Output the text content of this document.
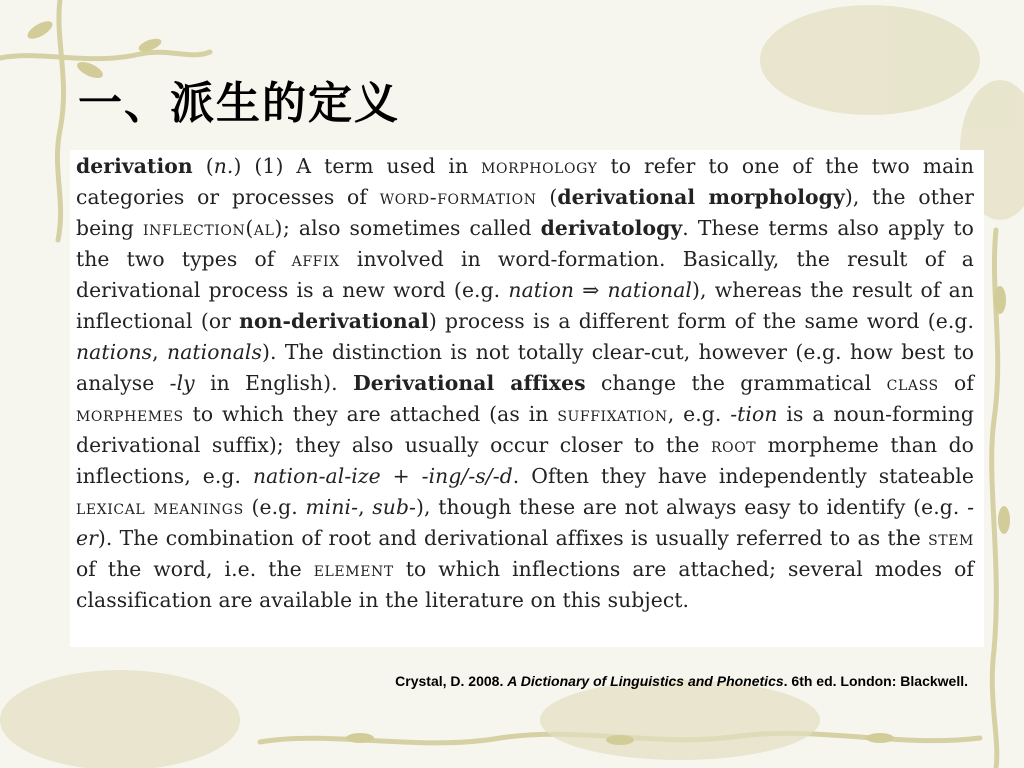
一、派生的定义
derivation (n.) (1) A term used in morphology to refer to one of the two main categories or processes of word-formation (derivational morphology), the other being inflection(al); also sometimes called derivatology. These terms also apply to the two types of affix involved in word-formation. Basically, the result of a derivational process is a new word (e.g. nation ⇒ national), whereas the result of an inflectional (or non-derivational) process is a different form of the same word (e.g. nations, nationals). The distinction is not totally clear-cut, however (e.g. how best to analyse -ly in English). Derivational affixes change the grammatical class of morphemes to which they are attached (as in suffixation, e.g. -tion is a noun-forming derivational suffix); they also usually occur closer to the root morpheme than do inflections, e.g. nation-al-ize + -ing/-s/-d. Often they have independently stateable lexical meanings (e.g. mini-, sub-), though these are not always easy to identify (e.g. -er). The combination of root and derivational affixes is usually referred to as the stem of the word, i.e. the element to which inflections are attached; several modes of classification are available in the literature on this subject.
Crystal, D. 2008. A Dictionary of Linguistics and Phonetics. 6th ed. London: Blackwell.
